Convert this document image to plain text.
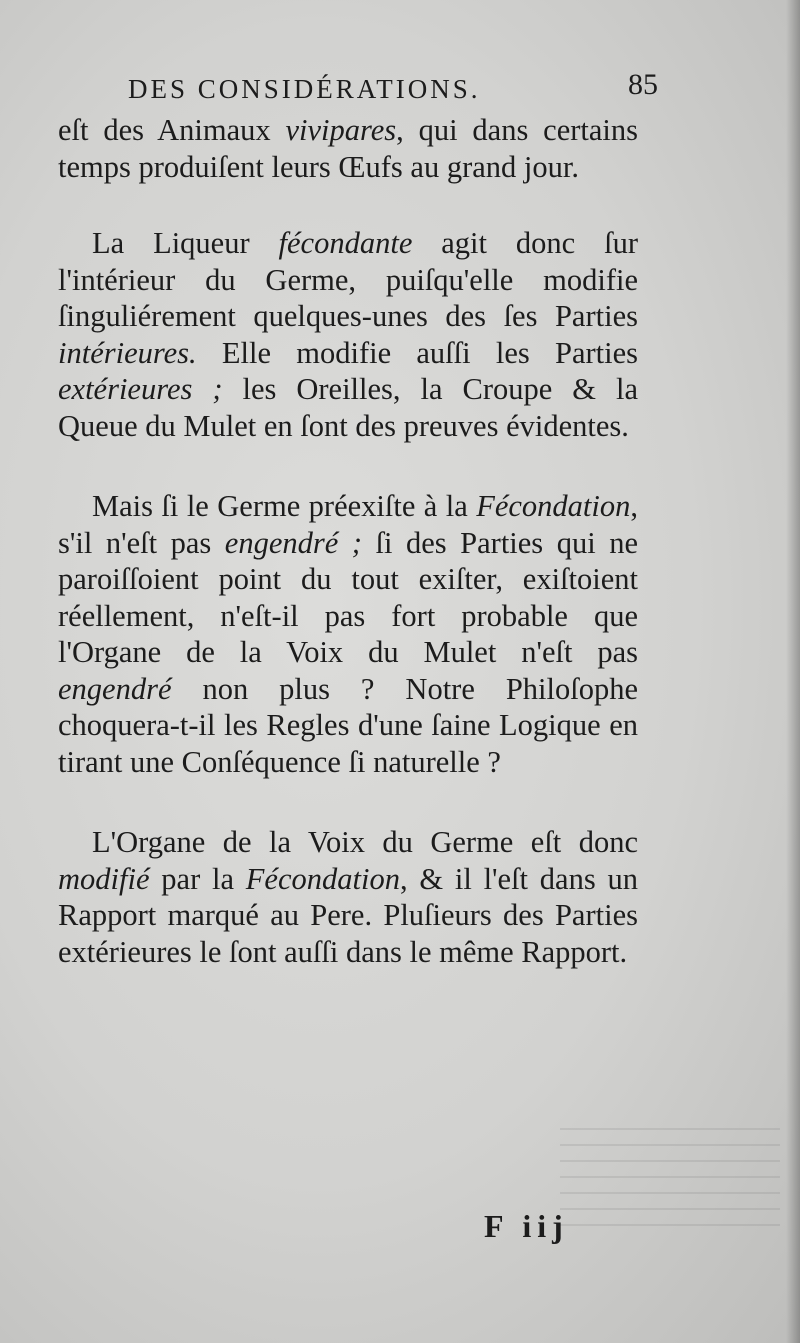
DES CONSIDÉRATIONS.	85

eſt des Animaux vivipares, qui dans certains temps produiſent leurs Œufs au grand jour.

La Liqueur fécondante agit donc ſur l'intérieur du Germe, puiſqu'elle modifie ſinguliérement quelques-unes des ſes Parties intérieures. Elle modifie auſſi les Parties extérieures ; les Oreilles, la Croupe & la Queue du Mulet en ſont des preuves évidentes.

Mais ſi le Germe préexiſte à la Fécondation, s'il n'eſt pas engendré ; ſi des Parties qui ne paroiſſoient point du tout exiſter, exiſtoient réellement, n'eſt-il pas fort probable que l'Organe de la Voix du Mulet n'eſt pas engendré non plus ? Notre Philoſophe choquera-t-il les Regles d'une ſaine Logique en tirant une Conſéquence ſi naturelle ?

L'Organe de la Voix du Germe eſt donc modifié par la Fécondation, & il l'eſt dans un Rapport marqué au Pere. Pluſieurs des Parties extérieures le ſont auſſi dans le même Rapport.

F iij
